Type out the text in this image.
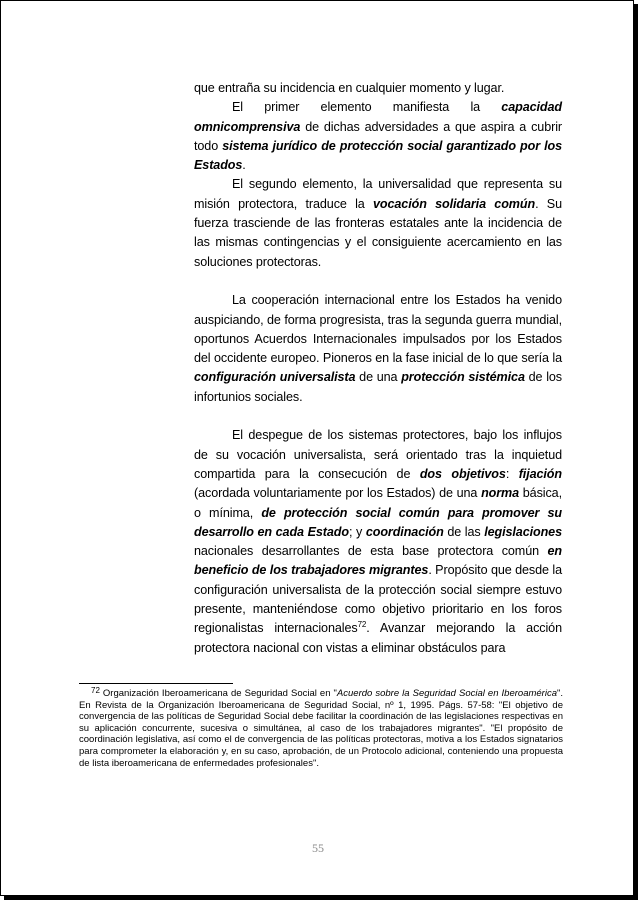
que entraña su incidencia en cualquier momento y lugar.

El primer elemento manifiesta la capacidad omnicomprensiva de dichas adversidades a que aspira a cubrir todo sistema jurídico de protección social garantizado por los Estados.

El segundo elemento, la universalidad que representa su misión protectora, traduce la vocación solidaria común. Su fuerza trasciende de las fronteras estatales ante la incidencia de las mismas contingencias y el consiguiente acercamiento en las soluciones protectoras.

La cooperación internacional entre los Estados ha venido auspiciando, de forma progresista, tras la segunda guerra mundial, oportunos Acuerdos Internacionales impulsados por los Estados del occidente europeo. Pioneros en la fase inicial de lo que sería la configuración universalista de una protección sistémica de los infortunios sociales.

El despegue de los sistemas protectores, bajo los influjos de su vocación universalista, será orientado tras la inquietud compartida para la consecución de dos objetivos: fijación (acordada voluntariamente por los Estados) de una norma básica, o mínima, de protección social común para promover su desarrollo en cada Estado; y coordinación de las legislaciones nacionales desarrollantes de esta base protectora común en beneficio de los trabajadores migrantes. Propósito que desde la configuración universalista de la protección social siempre estuvo presente, manteniéndose como objetivo prioritario en los foros regionalistas internacionales$^{72}$. Avanzar mejorando la acción protectora nacional con vistas a eliminar obstáculos para

$^{72}$ Organización Iberoamericana de Seguridad Social en "Acuerdo sobre la Seguridad Social en Iberoamérica". En Revista de la Organización Iberoamericana de Seguridad Social, nº 1, 1995. Págs. 57-58: "El objetivo de convergencia de las políticas de Seguridad Social debe facilitar la coordinación de las legislaciones respectivas en su aplicación concurrente, sucesiva o simultánea, al caso de los trabajadores migrantes". "El propósito de coordinación legislativa, así como el de convergencia de las políticas protectoras, motiva a los Estados signatarios para comprometer la elaboración y, en su caso, aprobación, de un Protocolo adicional, conteniendo una propuesta de lista iberoamericana de enfermedades profesionales".

55
